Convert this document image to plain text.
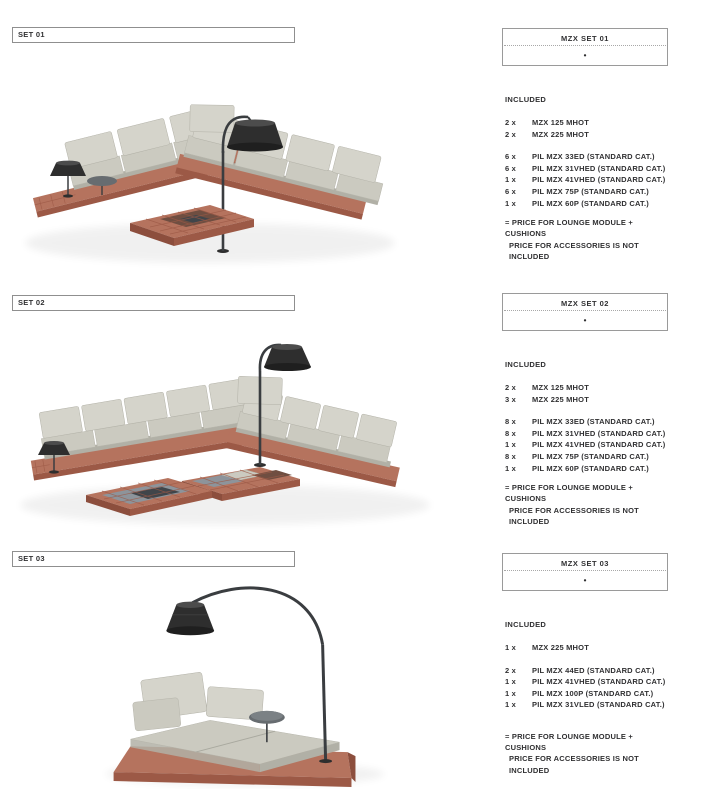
SET 01	MZX SET 01
•
INCLUDED
2 x	MZX 125 MHOT
2 x	MZX 225 MHOT
6 x	PIL MZX 33ED (STANDARD CAT.)
6 x	PIL MZX 31VHED (STANDARD CAT.)
1 x	PIL MZX 41VHED (STANDARD CAT.)
6 x	PIL MZX 75P (STANDARD CAT.)
1 x	PIL MZX 60P (STANDARD CAT.)
= PRICE FOR LOUNGE MODULE + CUSHIONS
PRICE FOR ACCESSORIES IS NOT INCLUDED
SET 02	MZX SET 02
•
INCLUDED
2 x	MZX 125 MHOT
3 x	MZX 225 MHOT
8 x	PIL MZX 33ED (STANDARD CAT.)
8 x	PIL MZX 31VHED (STANDARD CAT.)
1 x	PIL MZX 41VHED (STANDARD CAT.)
8 x	PIL MZX 75P (STANDARD CAT.)
1 x	PIL MZX 60P (STANDARD CAT.)
= PRICE FOR LOUNGE MODULE + CUSHIONS
PRICE FOR ACCESSORIES IS NOT INCLUDED
SET 03
MZX SET 03
•
INCLUDED
1 x	MZX 225 MHOT
2 x	PIL MZX 44ED (STANDARD CAT.)
1 x	PIL MZX 41VHED (STANDARD CAT.)
1 x	PIL MZX 100P (STANDARD CAT.)
1 x	PIL MZX 31VLED (STANDARD CAT.)
= PRICE FOR LOUNGE MODULE + CUSHIONS
PRICE FOR ACCESSORIES IS NOT INCLUDED
